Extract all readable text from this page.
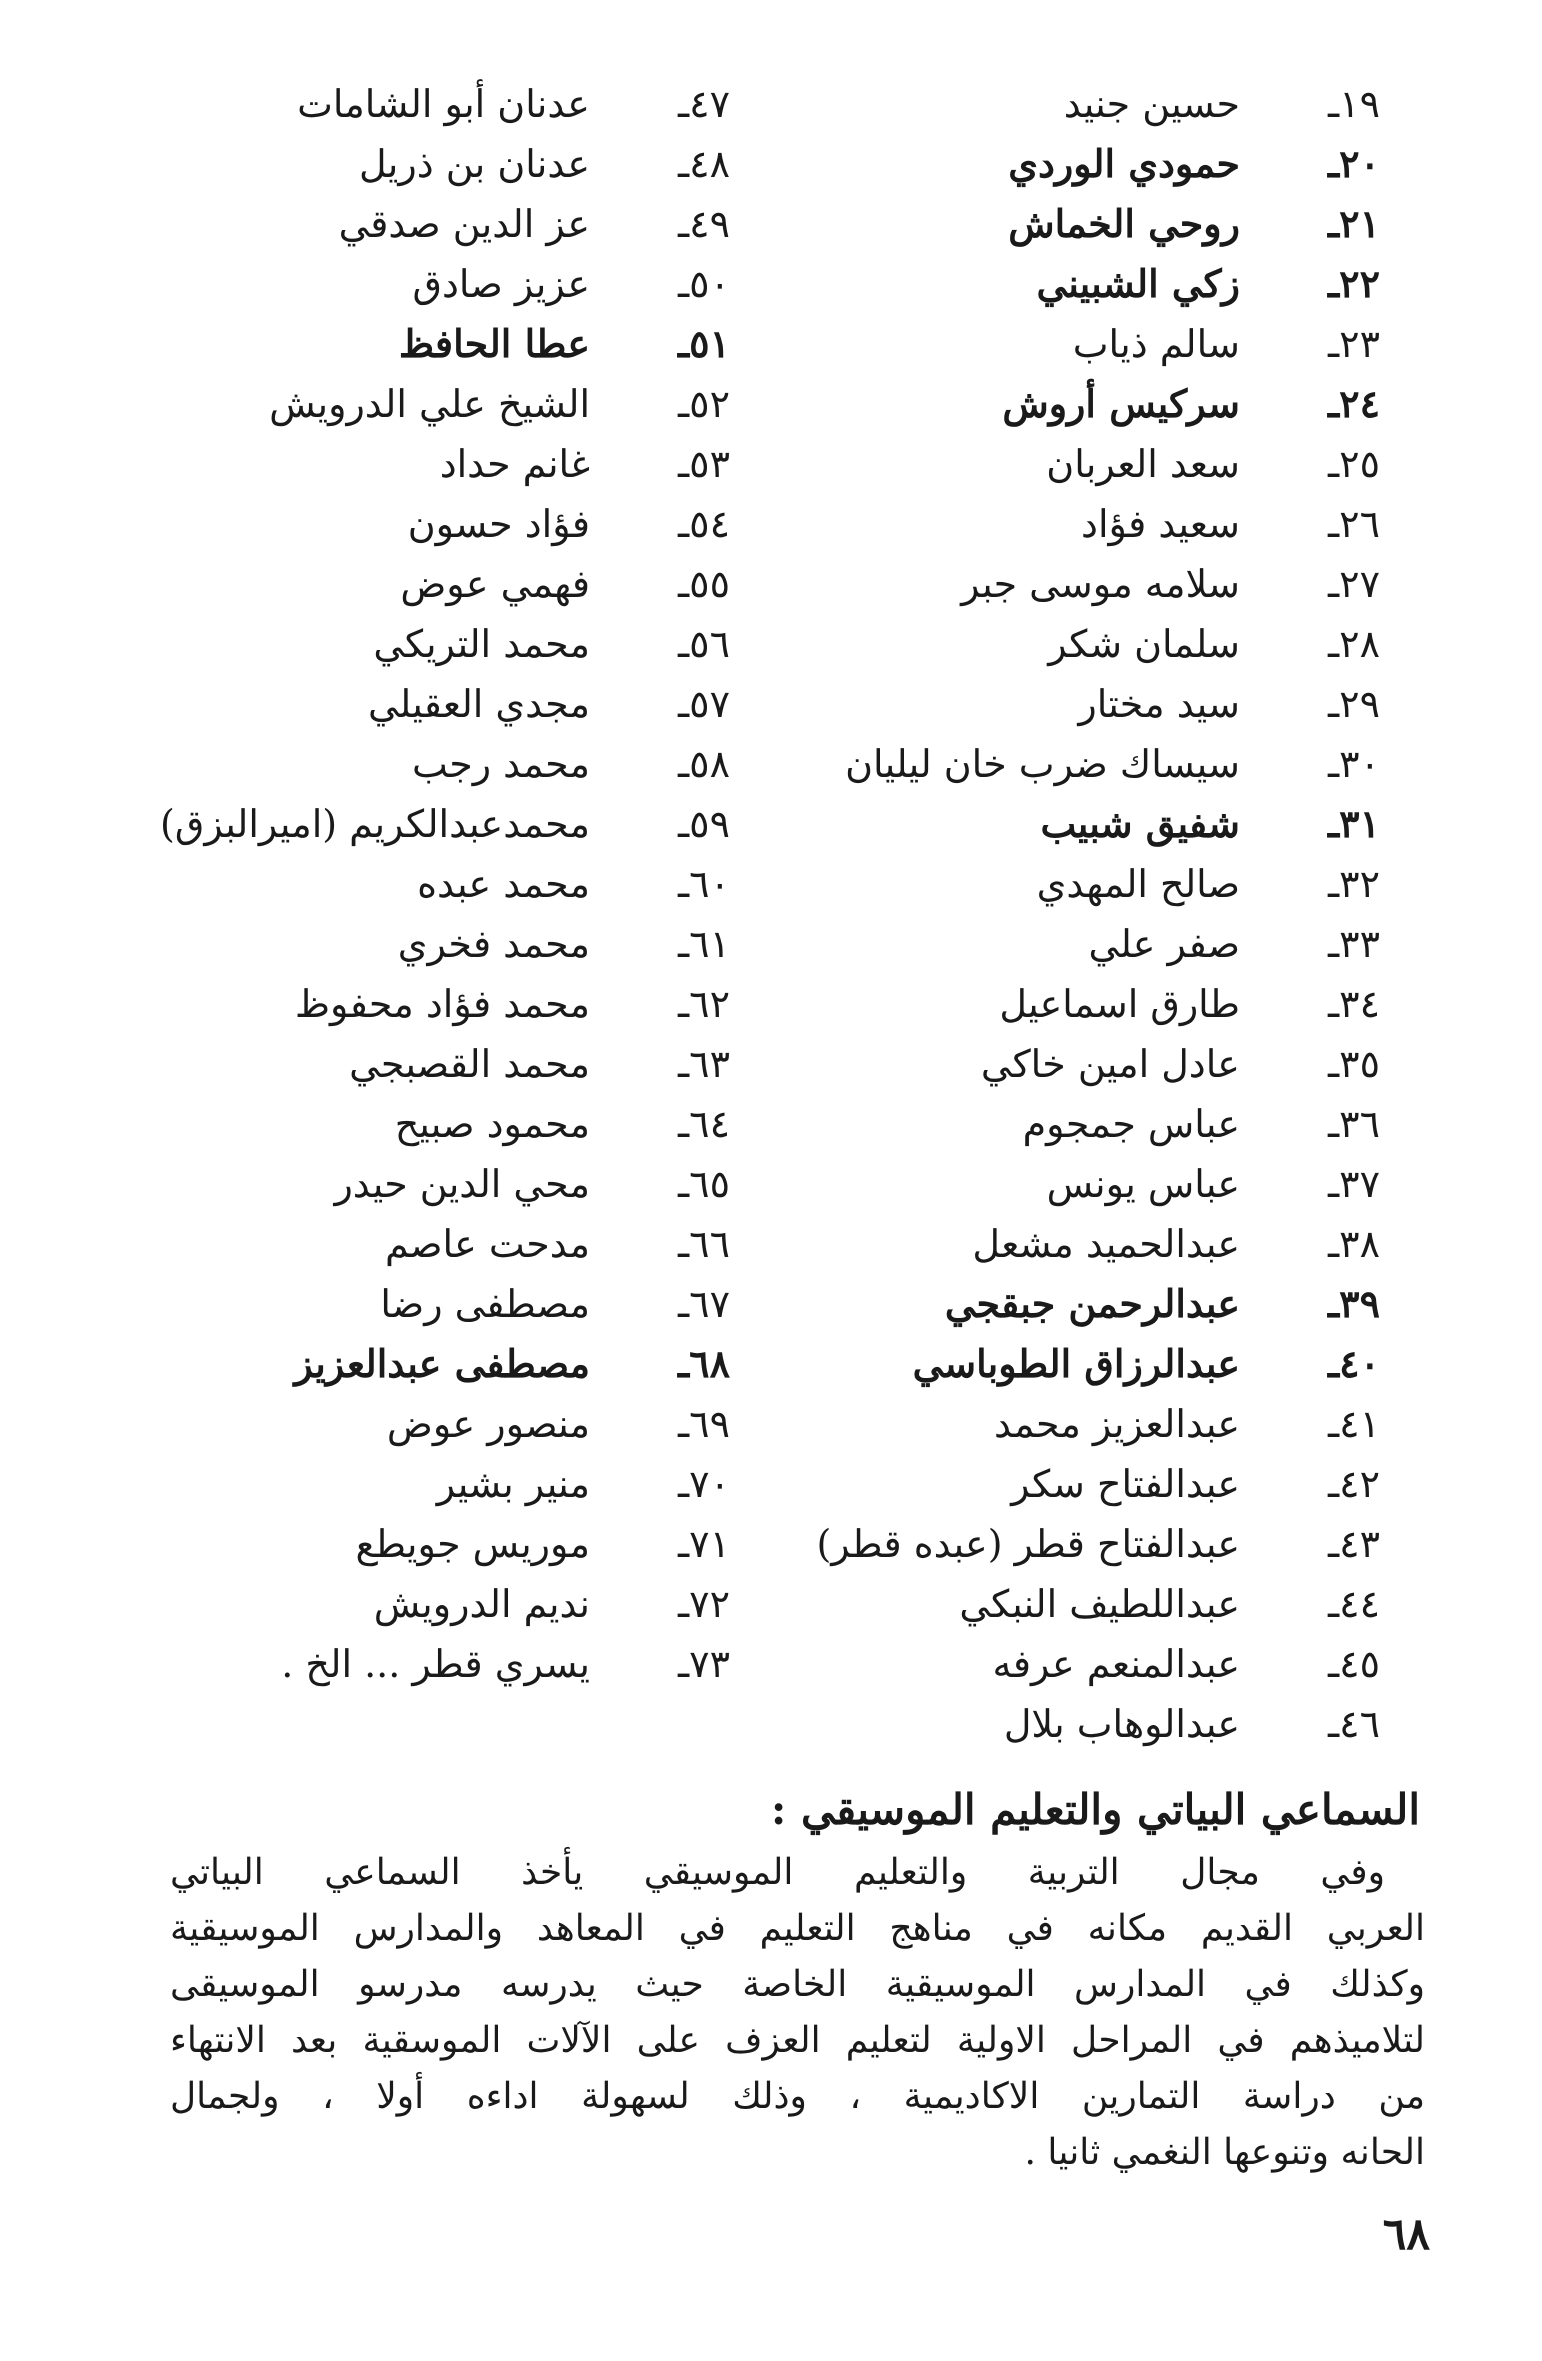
١٩ـ
حسين جنيد
٢٠ـ
حمودي الوردي
٢١ـ
روحي الخماش
٢٢ـ
زكي الشبيني
٢٣ـ
سالم ذياب
٢٤ـ
سركيس أروش
٢٥ـ
سعد العربان
٢٦ـ
سعيد فؤاد
٢٧ـ
سلامه موسى جبر
٢٨ـ
سلمان شكر
٢٩ـ
سيد مختار
٣٠ـ
سيساك ضرب خان ليليان
٣١ـ
شفيق شبيب
٣٢ـ
صالح المهدي
٣٣ـ
صفر علي
٣٤ـ
طارق اسماعيل
٣٥ـ
عادل امين خاكي
٣٦ـ
عباس جمجوم
٣٧ـ
عباس يونس
٣٨ـ
عبدالحميد مشعل
٣٩ـ
عبدالرحمن جبقجي
٤٠ـ
عبدالرزاق الطوباسي
٤١ـ
عبدالعزيز محمد
٤٢ـ
عبدالفتاح سكر
٤٣ـ
عبدالفتاح قطر (عبده قطر)
٤٤ـ
عبداللطيف النبكي
٤٥ـ
عبدالمنعم عرفه
٤٦ـ
عبدالوهاب بلال
٤٧ـ
عدنان أبو الشامات
٤٨ـ
عدنان بن ذريل
٤٩ـ
عز الدين صدقي
٥٠ـ
عزيز صادق
٥١ـ
عطا الحافظ
٥٢ـ
الشيخ علي الدرويش
٥٣ـ
غانم حداد
٥٤ـ
فؤاد حسون
٥٥ـ
فهمي عوض
٥٦ـ
محمد التريكي
٥٧ـ
مجدي العقيلي
٥٨ـ
محمد رجب
٥٩ـ
محمدعبدالكريم (اميرالبزق)
٦٠ـ
محمد عبده
٦١ـ
محمد فخري
٦٢ـ
محمد فؤاد محفوظ
٦٣ـ
محمد القصبجي
٦٤ـ
محمود صبيح
٦٥ـ
محي الدين حيدر
٦٦ـ
مدحت عاصم
٦٧ـ
مصطفى رضا
٦٨ـ
مصطفى عبدالعزيز
٦٩ـ
منصور عوض
٧٠ـ
منير بشير
٧١ـ
موريس جويطع
٧٢ـ
نديم الدرويش
٧٣ـ
يسري قطر ... الخ .
السماعي البياتي والتعليم الموسيقي :
وفي مجال التربية والتعليم الموسيقي يأخذ السماعي البياتي
العربي القديم مكانه في مناهج التعليم في المعاهد والمدارس الموسيقية
وكذلك في المدارس الموسيقية الخاصة حيث يدرسه مدرسو الموسيقى
لتلاميذهم في المراحل الاولية لتعليم العزف على الآلات الموسقية بعد الانتهاء
من دراسة التمارين الاكاديمية ، وذلك لسهولة اداءه أولا ، ولجمال
الحانه وتنوعها النغمي ثانيا .
٦٨
